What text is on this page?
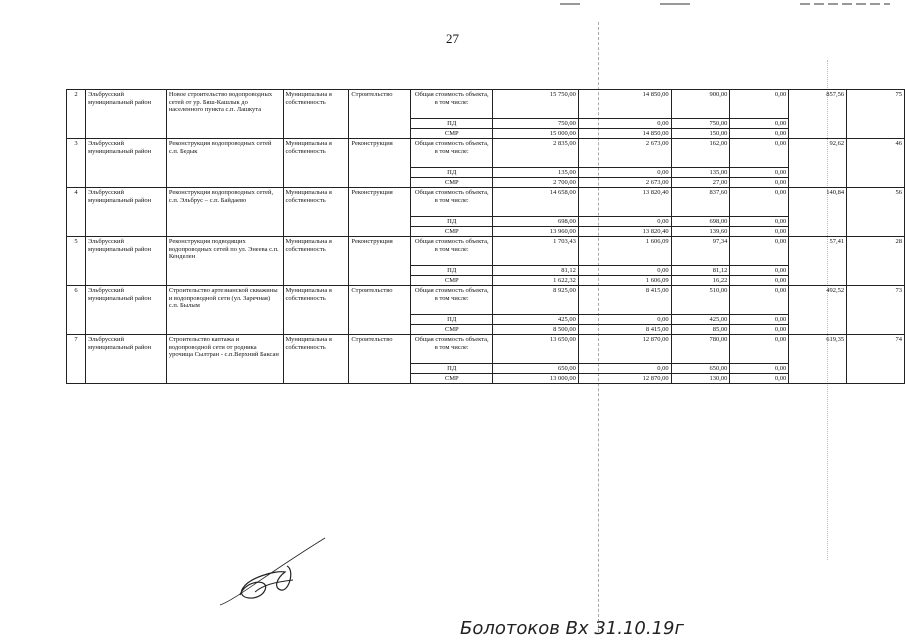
27
2	Эльбрусский муниципальный район	Новое строительство водопроводных сетей от ур. Бяш-Кашлык до населенного пункта с.п. Лашкута	Муниципальна я собственность	Строительство	Общая стоимость объекта, в том числе:	15 750,00	14 850,00	900,00	0,00	857,56	75
					ПД	750,00	0,00	750,00	0,00		
					СМР	15 000,00	14 850,00	150,00	0,00		
3	Эльбрусский муниципальный район	Реконструкция водопроводных сетей с.п. Бедык	Муниципальна я собственность	Реконструкция	Общая стоимость объекта, в том числе:	2 835,00	2 673,00	162,00	0,00	92,62	46
					ПД	135,00	0,00	135,00	0,00		
					СМР	2 700,00	2 673,00	27,00	0,00		
4	Эльбрусский муниципальный район	Реконструкция водопроводных сетей, с.п. Эльбрус – с.п. Байдаево	Муниципальна я собственность	Реконструкция	Общая стоимость объекта, в том числе:	14 658,00	13 820,40	837,60	0,00	140,84	56
					ПД	698,00	0,00	698,00	0,00		
					СМР	13 960,00	13 820,40	139,60	0,00		
5	Эльбрусский муниципальный район	Реконструкция подводящих водопроводных сетей по ул. Энеева с.п. Кенделен	Муниципальна я собственность	Реконструкция	Общая стоимость объекта, в том числе:	1 703,43	1 606,09	97,34	0,00	57,41	28
					ПД	81,12	0,00	81,12	0,00		
					СМР	1 622,32	1 606,09	16,22	0,00		
6	Эльбрусский муниципальный район	Строительство артезианской скважины и водопроводной сети (ул. Заречная) с.п. Былым	Муниципальна я собственность	Строительство	Общая стоимость объекта, в том числе:	8 925,00	8 415,00	510,00	0,00	492,52	73
					ПД	425,00	0,00	425,00	0,00		
					СМР	8 500,00	8 415,00	85,00	0,00		
7	Эльбрусский муниципальный район	Строительство каптажа и водопроводной сети от родника урочища Сылтран - с.п.Верхний Баксан	Муниципальна я собственность	Строительство	Общая стоимость объекта, в том числе:	13 650,00	12 870,00	780,00	0,00	619,35	74
					ПД	650,00	0,00	650,00	0,00		
					СМР	13 000,00	12 870,00	130,00	0,00		
Болотоков Вх 31.10.19г
